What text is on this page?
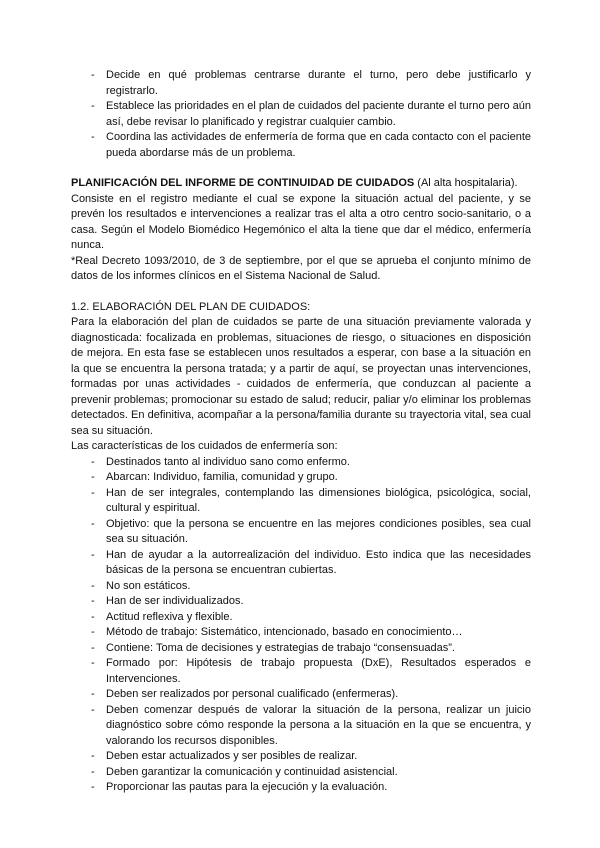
- Decide en qué problemas centrarse durante el turno, pero debe justificarlo y registrarlo.
- Establece las prioridades en el plan de cuidados del paciente durante el turno pero aún así, debe revisar lo planificado y registrar cualquier cambio.
- Coordina las actividades de enfermería de forma que en cada contacto con el paciente pueda abordarse más de un problema.

PLANIFICACIÓN DEL INFORME DE CONTINUIDAD DE CUIDADOS (Al alta hospitalaria).

Consiste en el registro mediante el cual se expone la situación actual del paciente, y se prevén los resultados e intervenciones a realizar tras el alta a otro centro socio-sanitario, o a casa. Según el Modelo Biomédico Hegemónico el alta la tiene que dar el médico, enfermería nunca.

*Real Decreto 1093/2010, de 3 de septiembre, por el que se aprueba el conjunto mínimo de datos de los informes clínicos en el Sistema Nacional de Salud.

1.2. ELABORACIÓN DEL PLAN DE CUIDADOS:

Para la elaboración del plan de cuidados se parte de una situación previamente valorada y diagnosticada: focalizada en problemas, situaciones de riesgo, o situaciones en disposición de mejora. En esta fase se establecen unos resultados a esperar, con base a la situación en la que se encuentra la persona tratada; y a partir de aquí, se proyectan unas intervenciones, formadas por unas actividades - cuidados de enfermería, que conduzcan al paciente a prevenir problemas; promocionar su estado de salud; reducir, paliar y/o eliminar los problemas detectados. En definitiva, acompañar a la persona/familia durante su trayectoria vital, sea cual sea su situación.

Las características de los cuidados de enfermería son:

- Destinados tanto al individuo sano como enfermo.
- Abarcan: Individuo, familia, comunidad y grupo.
- Han de ser integrales, contemplando las dimensiones biológica, psicológica, social, cultural y espiritual.
- Objetivo: que la persona se encuentre en las mejores condiciones posibles, sea cual sea su situación.
- Han de ayudar a la autorrealización del individuo. Esto indica que las necesidades básicas de la persona se encuentran cubiertas.
- No son estáticos.
- Han de ser individualizados.
- Actitud reflexiva y flexible.
- Método de trabajo: Sistemático, intencionado, basado en conocimiento…
- Contiene: Toma de decisiones y estrategias de trabajo “consensuadas”.
- Formado por: Hipótesis de trabajo propuesta (DxE), Resultados esperados e Intervenciones.
- Deben ser realizados por personal cualificado (enfermeras).
- Deben comenzar después de valorar la situación de la persona, realizar un juicio diagnóstico sobre cómo responde la persona a la situación en la que se encuentra, y valorando los recursos disponibles.
- Deben estar actualizados y ser posibles de realizar.
- Deben garantizar la comunicación y continuidad asistencial.
- Proporcionar las pautas para la ejecución y la evaluación.
